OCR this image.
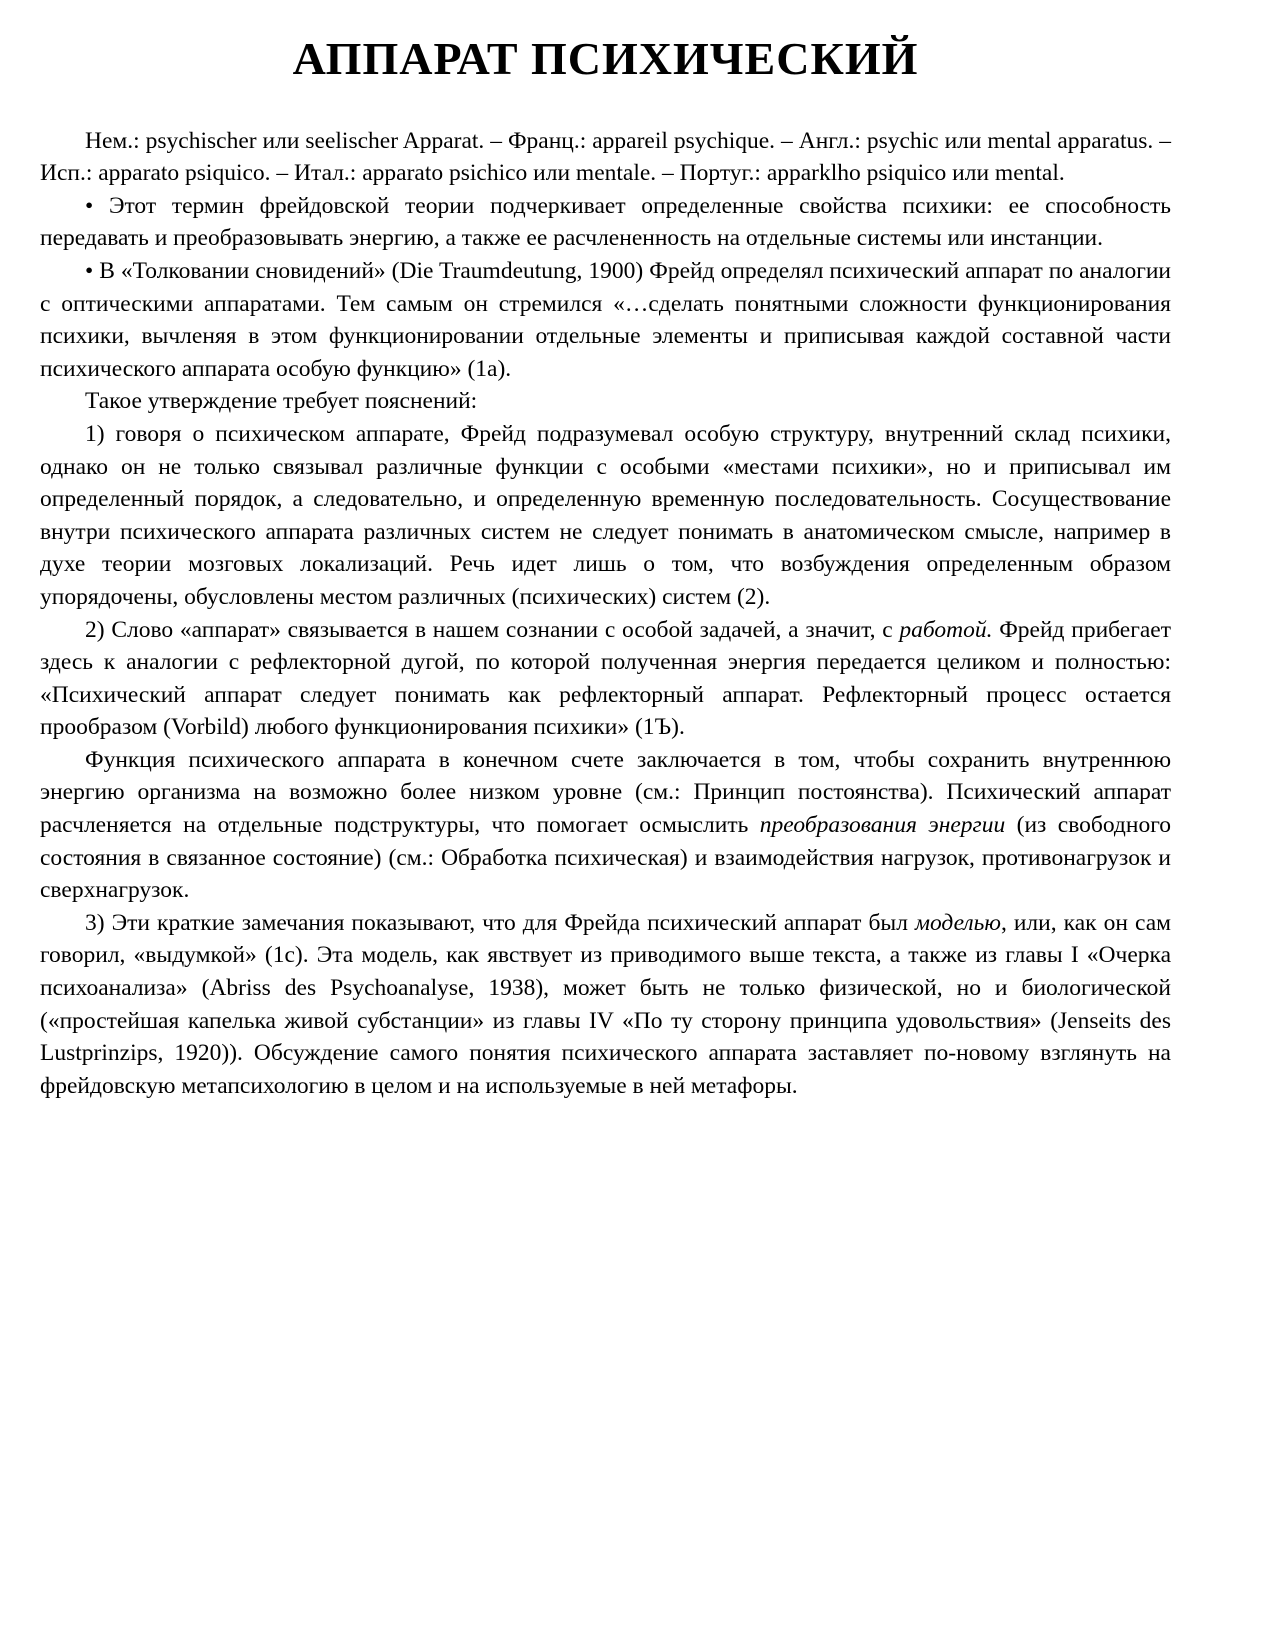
АППАРАТ ПСИХИЧЕСКИЙ

Нем.: psychischer или seelischer Apparat. – Франц.: appareil psychique. – Англ.: psychic или mental apparatus. – Исп.: apparato psiquico. – Итал.: apparato psichico или mentale. – Португ.: apparklho psiquico или mental.

• Этот термин фрейдовской теории подчеркивает определенные свойства психики: ее способность передавать и преобразовывать энергию, а также ее расчлененность на отдельные системы или инстанции.

• В «Толковании сновидений» (Die Traumdeutung, 1900) Фрейд определял психический аппарат по аналогии с оптическими аппаратами. Тем самым он стремился «…сделать понятными сложности функционирования психики, вычленяя в этом функционировании отдельные элементы и приписывая каждой составной части психического аппарата особую функцию» (1а).

Такое утверждение требует пояснений:

1) говоря о психическом аппарате, Фрейд подразумевал особую структуру, внутренний склад психики, однако он не только связывал различные функции с особыми «местами психики», но и приписывал им определенный порядок, а следовательно, и определенную временную последовательность. Сосуществование внутри психического аппарата различных систем не следует понимать в анатомическом смысле, например в духе теории мозговых локализаций. Речь идет лишь о том, что возбуждения определенным образом упорядочены, обусловлены местом различных (психических) систем (2).

2) Слово «аппарат» связывается в нашем сознании с особой задачей, а значит, с работой. Фрейд прибегает здесь к аналогии с рефлекторной дугой, по которой полученная энергия передается целиком и полностью: «Психический аппарат следует понимать как рефлекторный аппарат. Рефлекторный процесс остается прообразом (Vorbild) любого функционирования психики» (1Ъ).

Функция психического аппарата в конечном счете заключается в том, чтобы сохранить внутреннюю энергию организма на возможно более низком уровне (см.: Принцип постоянства). Психический аппарат расчленяется на отдельные подструктуры, что помогает осмыслить преобразования энергии (из свободного состояния в связанное состояние) (см.: Обработка психическая) и взаимодействия нагрузок, противонагрузок и сверхнагрузок.

3) Эти краткие замечания показывают, что для Фрейда психический аппарат был моделью, или, как он сам говорил, «выдумкой» (1c). Эта модель, как явствует из приводимого выше текста, а также из главы I «Очерка психоанализа» (Abriss des Psychoanalyse, 1938), может быть не только физической, но и биологической («простейшая капелька живой субстанции» из главы IV «По ту сторону принципа удовольствия» (Jenseits des Lustprinzips, 1920)). Обсуждение самого понятия психического аппарата заставляет по-новому взглянуть на фрейдовскую метапсихологию в целом и на используемые в ней метафоры.
